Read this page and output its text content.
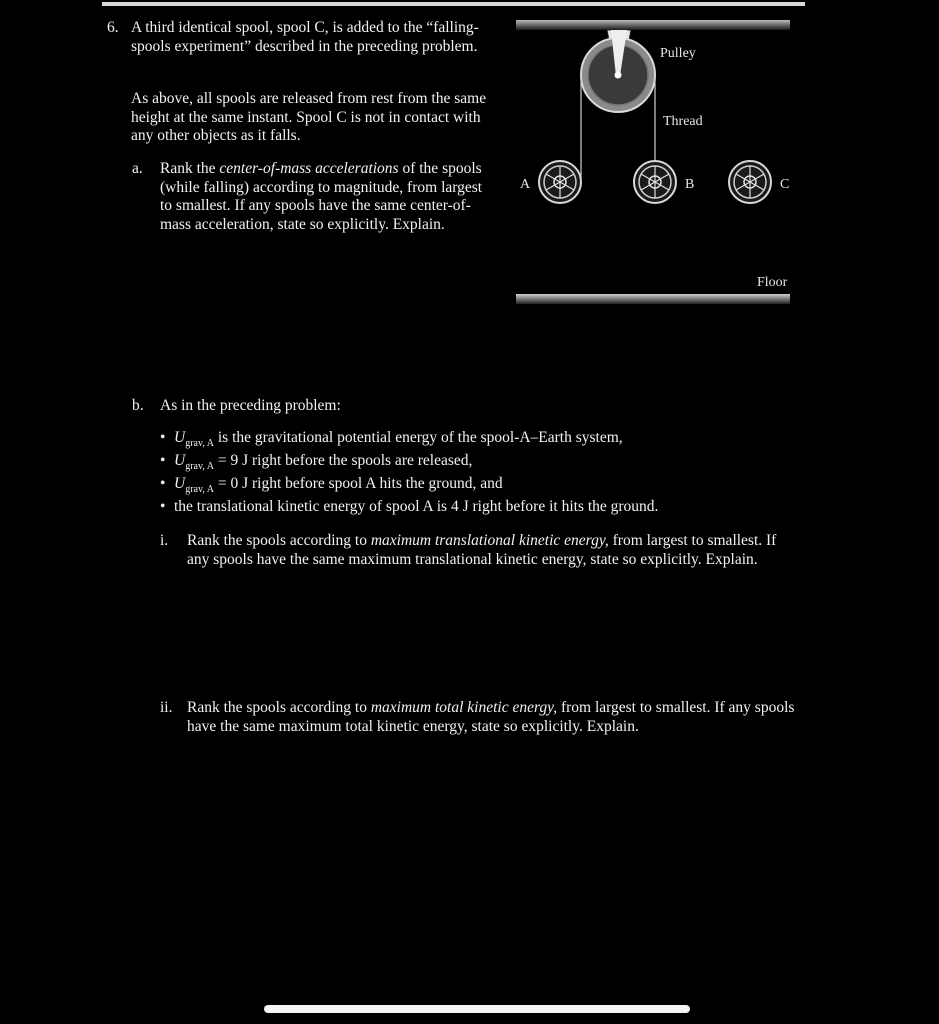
6. A third identical spool, spool C, is added to the “falling-spools experiment” described in the preceding problem.
As above, all spools are released from rest from the same height at the same instant. Spool C is not in contact with any other objects as it falls.
a. Rank the center-of-mass accelerations of the spools (while falling) according to magnitude, from largest to smallest. If any spools have the same center-of-mass acceleration, state so explicitly. Explain.
Pulley
Thread
A	B	C
Floor
b. As in the preceding problem:
• $U_{grav, A}$ is the gravitational potential energy of the spool-A–Earth system,
• $U_{grav, A} = 9$ J right before the spools are released,
• $U_{grav, A} = 0$ J right before spool A hits the ground, and
• the translational kinetic energy of spool A is 4 J right before it hits the ground.
i. Rank the spools according to maximum translational kinetic energy, from largest to smallest. If any spools have the same maximum translational kinetic energy, state so explicitly. Explain.
ii. Rank the spools according to maximum total kinetic energy, from largest to smallest. If any spools have the same maximum total kinetic energy, state so explicitly. Explain.
